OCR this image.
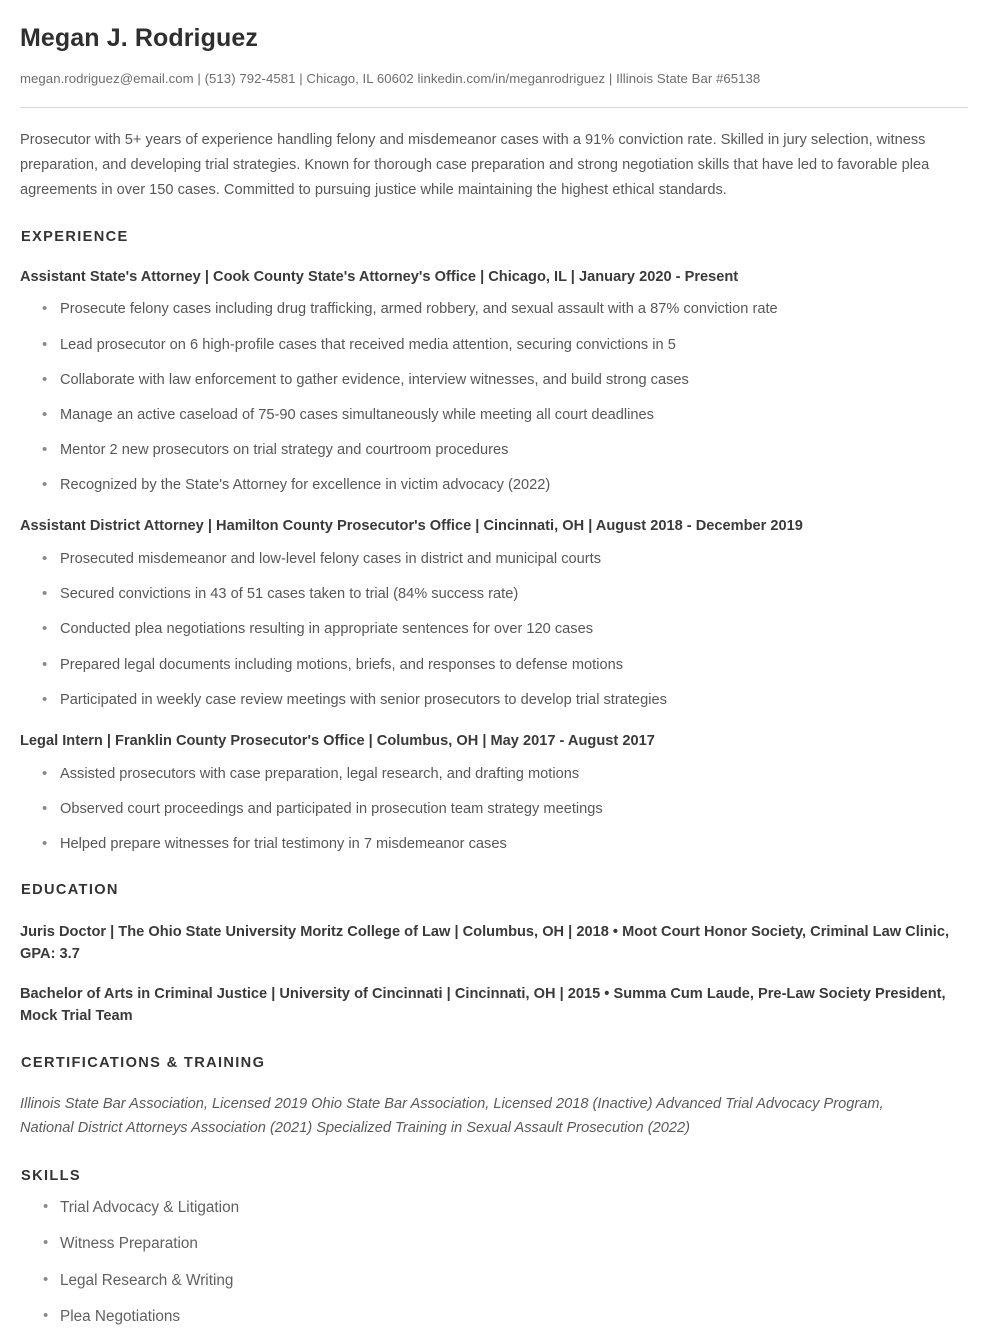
Megan J. Rodriguez
megan.rodriguez@email.com | (513) 792-4581 | Chicago, IL 60602 linkedin.com/in/meganrodriguez | Illinois State Bar #65138

Prosecutor with 5+ years of experience handling felony and misdemeanor cases with a 91% conviction rate. Skilled in jury selection, witness preparation, and developing trial strategies. Known for thorough case preparation and strong negotiation skills that have led to favorable plea agreements in over 150 cases. Committed to pursuing justice while maintaining the highest ethical standards.

EXPERIENCE
Assistant State's Attorney | Cook County State's Attorney's Office | Chicago, IL | January 2020 - Present
• Prosecute felony cases including drug trafficking, armed robbery, and sexual assault with a 87% conviction rate
• Lead prosecutor on 6 high-profile cases that received media attention, securing convictions in 5
• Collaborate with law enforcement to gather evidence, interview witnesses, and build strong cases
• Manage an active caseload of 75-90 cases simultaneously while meeting all court deadlines
• Mentor 2 new prosecutors on trial strategy and courtroom procedures
• Recognized by the State's Attorney for excellence in victim advocacy (2022)
Assistant District Attorney | Hamilton County Prosecutor's Office | Cincinnati, OH | August 2018 - December 2019
• Prosecuted misdemeanor and low-level felony cases in district and municipal courts
• Secured convictions in 43 of 51 cases taken to trial (84% success rate)
• Conducted plea negotiations resulting in appropriate sentences for over 120 cases
• Prepared legal documents including motions, briefs, and responses to defense motions
• Participated in weekly case review meetings with senior prosecutors to develop trial strategies
Legal Intern | Franklin County Prosecutor's Office | Columbus, OH | May 2017 - August 2017
• Assisted prosecutors with case preparation, legal research, and drafting motions
• Observed court proceedings and participated in prosecution team strategy meetings
• Helped prepare witnesses for trial testimony in 7 misdemeanor cases
EDUCATION
Juris Doctor | The Ohio State University Moritz College of Law | Columbus, OH | 2018 • Moot Court Honor Society, Criminal Law Clinic, GPA: 3.7
Bachelor of Arts in Criminal Justice | University of Cincinnati | Cincinnati, OH | 2015 • Summa Cum Laude, Pre-Law Society President, Mock Trial Team
CERTIFICATIONS & TRAINING
Illinois State Bar Association, Licensed 2019 Ohio State Bar Association, Licensed 2018 (Inactive) Advanced Trial Advocacy Program, National District Attorneys Association (2021) Specialized Training in Sexual Assault Prosecution (2022)
SKILLS
• Trial Advocacy & Litigation
• Witness Preparation
• Legal Research & Writing
• Plea Negotiations
